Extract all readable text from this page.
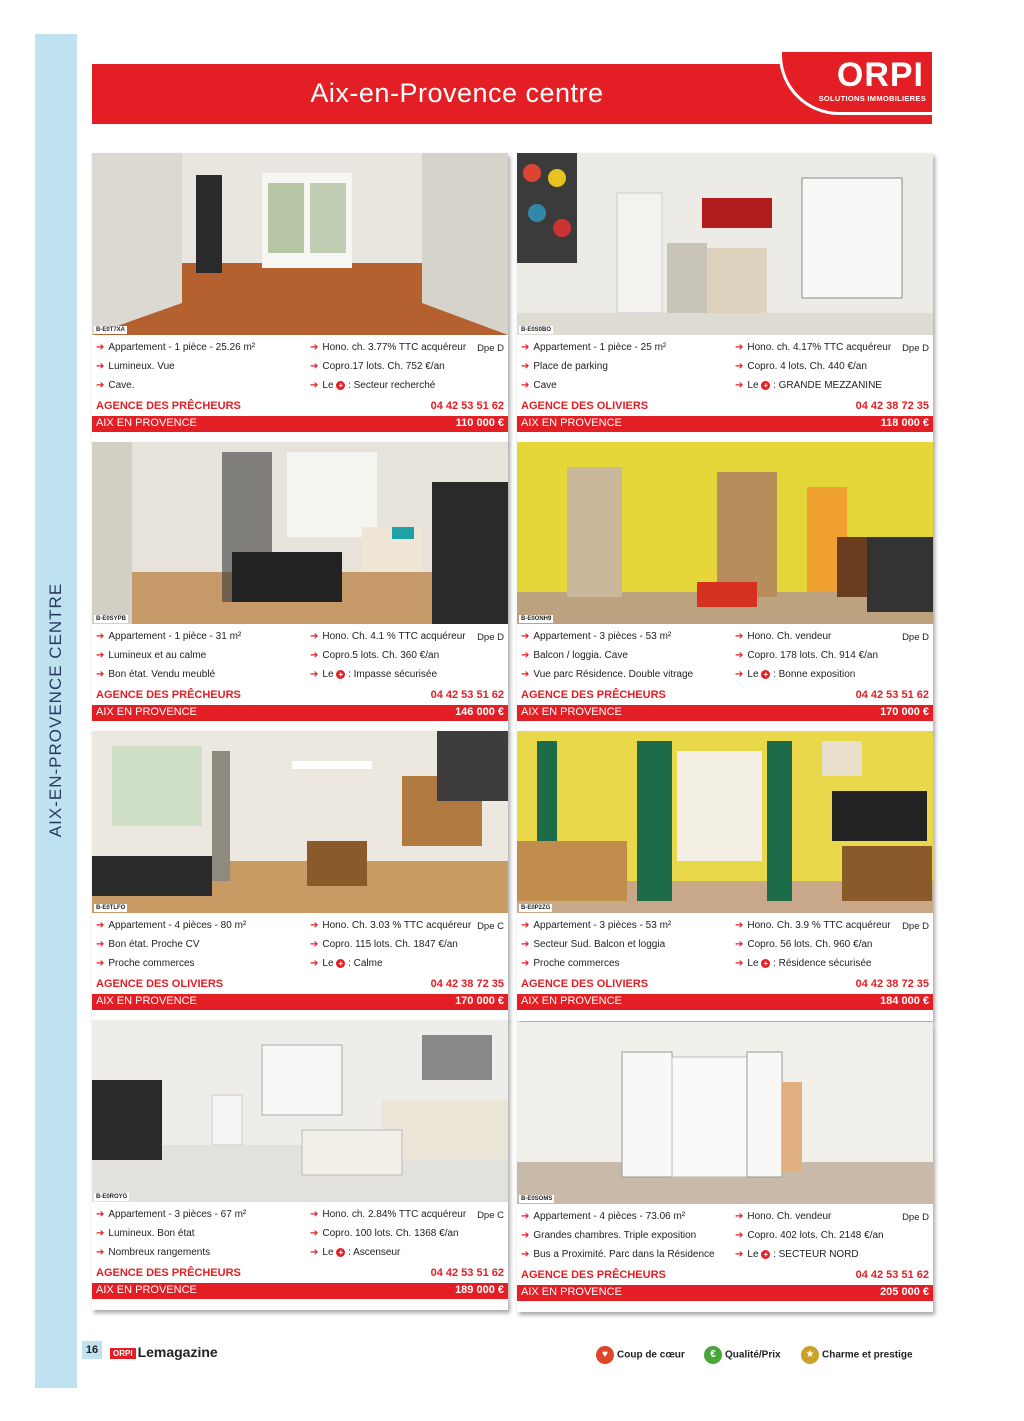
AIX-EN-PROVENCE CENTRE
Aix-en-Provence centre	ORPI
SOLUTIONS IMMOBILIERES
B-E0T7XA
➔ Appartement - 1 pièce - 25.26 m²
➔ Lumineux. Vue
➔ Cave.
➔ Hono. ch. 3.77% TTC acquéreur
➔ Copro.17 lots. Ch. 752 €/an
➔ Le + : Secteur recherché
Dpe D
AGENCE DES PRÊCHEURS	04 42 53 51 62
AIX EN PROVENCE	110 000 €
B-E0S0BO
➔ Appartement - 1 pièce - 25 m²
➔ Place de parking
➔ Cave
➔ Hono. ch. 4.17% TTC acquéreur
➔ Copro. 4 lots. Ch. 440 €/an
➔ Le + : GRANDE MEZZANINE
Dpe D
AGENCE DES OLIVIERS	04 42 38 72 35
AIX EN PROVENCE	118 000 €
B-E0SYPB
➔ Appartement - 1 pièce - 31 m²
➔ Lumineux et au calme
➔ Bon état. Vendu meublé
➔ Hono. Ch. 4.1 % TTC acquéreur
➔ Copro.5 lots. Ch. 360 €/an
➔ Le + : Impasse sécurisée
Dpe D
AGENCE DES PRÊCHEURS	04 42 53 51 62
AIX EN PROVENCE	146 000 €
B-E0ONH9
➔ Appartement - 3 pièces - 53 m²
➔ Balcon / loggia. Cave
➔ Vue parc Résidence. Double vitrage
➔ Hono. Ch. vendeur
➔ Copro. 178 lots. Ch. 914 €/an
➔ Le + : Bonne exposition
Dpe D
AGENCE DES PRÊCHEURS	04 42 53 51 62
AIX EN PROVENCE	170 000 €
B-E0TLFO
➔ Appartement - 4 pièces - 80 m²
➔ Bon état. Proche CV
➔ Proche commerces
➔ Hono. Ch. 3.03 % TTC acquéreur
➔ Copro. 115 lots. Ch. 1847 €/an
➔ Le + : Calme
Dpe C
AGENCE DES OLIVIERS	04 42 38 72 35
AIX EN PROVENCE	170 000 €
B-E0P2ZG
➔ Appartement - 3 pièces - 53 m²
➔ Secteur Sud. Balcon et loggia
➔ Proche commerces
➔ Hono. Ch. 3.9 % TTC acquéreur
➔ Copro. 56 lots. Ch. 960 €/an
➔ Le + : Résidence sécurisée
Dpe D
AGENCE DES OLIVIERS	04 42 38 72 35
AIX EN PROVENCE	184 000 €
B-E0ROYG
➔ Appartement - 3 pièces - 67 m²
➔ Lumineux. Bon état
➔ Nombreux rangements
➔ Hono. ch. 2.84% TTC acquéreur
➔ Copro. 100 lots. Ch. 1368 €/an
➔ Le + : Ascenseur
Dpe C
AGENCE DES PRÊCHEURS	04 42 53 51 62
AIX EN PROVENCE	189 000 €
B-E0SOMS
➔ Appartement - 4 pièces - 73.06 m²
➔ Grandes chambres. Triple exposition
➔ Bus a Proximité. Parc dans la Résidence
➔ Hono. Ch. vendeur
➔ Copro. 402 lots. Ch. 2148 €/an
➔ Le + : SECTEUR NORD
Dpe D
AGENCE DES PRÊCHEURS	04 42 53 51 62
AIX EN PROVENCE	205 000 €
16	ORPI Lemagazine	♥ Coup de cœur	€ Qualité/Prix	★ Charme et prestige
